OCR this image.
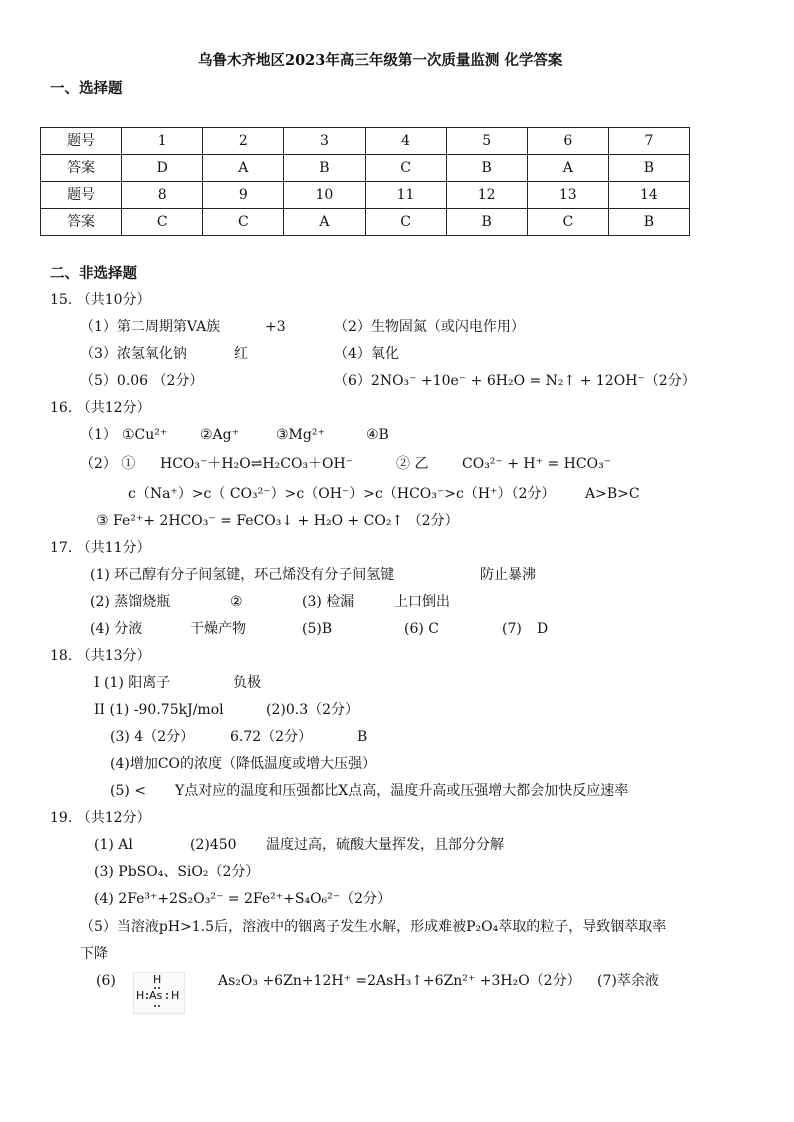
乌鲁木齐地区2023年高三年级第一次质量监测 化学答案
一、选择题
题号	1	2	3	4	5	6	7
答案	D	A	B	C	B	A	B
题号	8	9	10	11	12	13	14
答案	C	C	A	C	B	C	B
二、非选择题
15. （共10分）
（1）第二周期第VA族	+3	（2）生物固氮（或闪电作用）
（3）浓氢氧化钠	红	（4）氧化
（5）0.06 （2分）	（6）2NO₃⁻ +10e⁻ + 6H₂O = N₂↑ + 12OH⁻（2分）
16. （共12分）
（1） ①Cu²⁺ ②Ag⁺	③Mg²⁺	④B
（2） ① HCO₃⁻＋H₂O⇌H₂CO₃＋OH⁻	② 乙 CO₃²⁻ + H⁺ = HCO₃⁻
c（Na⁺）>c（ CO₃²⁻）>c（OH⁻）>c（HCO₃⁻>c（H⁺）（2分） A>B>C
③ Fe²⁺+ 2HCO₃⁻ = FeCO₃↓ + H₂O + CO₂↑ （2分）
17. （共11分）
(1) 环己醇有分子间氢键，环己烯没有分子间氢键	防止暴沸
(2) 蒸馏烧瓶	②	(3) 检漏	上口倒出
(4) 分液	干燥产物	(5)B	(6) C	(7) D
18. （共13分）
I (1) 阳离子	负极
II (1) -90.75kJ/mol	(2)0.3（2分）
(3) 4（2分）	6.72（2分）	B
(4)增加CO的浓度（降低温度或增大压强）
(5) < Y点对应的温度和压强都比X点高，温度升高或压强增大都会加快反应速率
19. （共12分）
(1) Al	(2)450 温度过高，硫酸大量挥发，且部分分解
(3) PbSO₄、SiO₂（2分）
(4) 2Fe³⁺+2S₂O₃²⁻ = 2Fe²⁺+S₄O₆²⁻（2分）
（5）当溶液pH>1.5后，溶液中的铟离子发生水解，形成难被P₂O₄萃取的粒子，导致铟萃取率
下降
(6)	H
H As H
As₂O₃ +6Zn+12H⁺ =2AsH₃↑+6Zn²⁺ +3H₂O（2分） (7)萃余液
